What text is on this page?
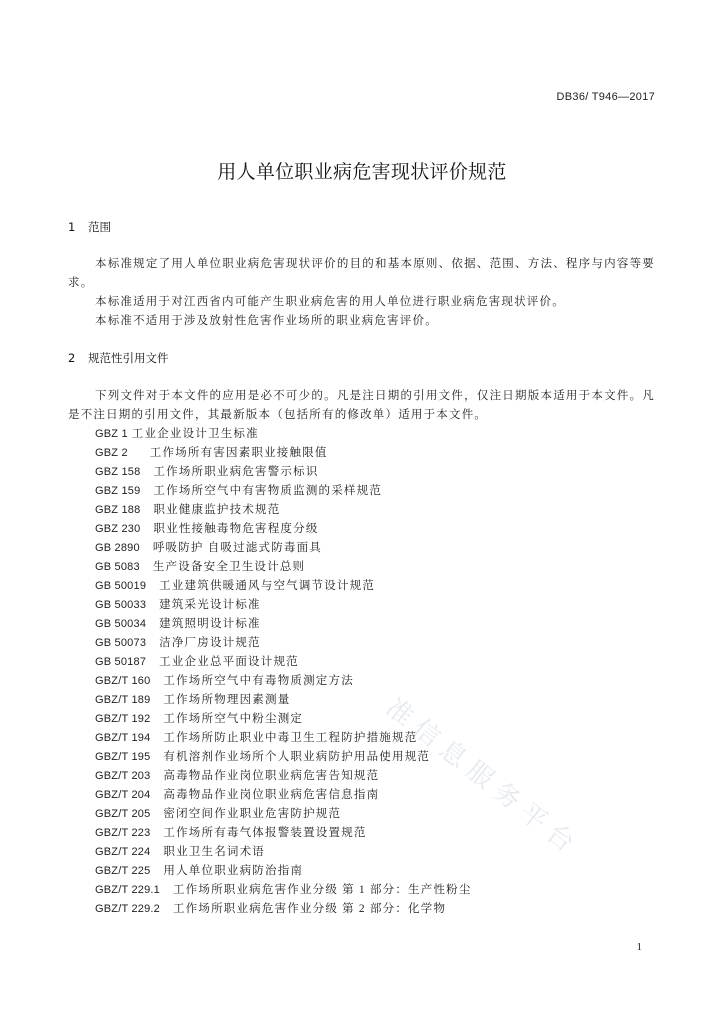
准信息服务平台
DB36/ T946—2017
用人单位职业病危害现状评价规范
1 范围

本标准规定了用人单位职业病危害现状评价的目的和基本原则、依据、范围、方法、程序与内容等要求。

本标准适用于对江西省内可能产生职业病危害的用人单位进行职业病危害现状评价。

本标准不适用于涉及放射性危害作业场所的职业病危害评价。

2 规范性引用文件

下列文件对于本文件的应用是必不可少的。凡是注日期的引用文件，仅注日期版本适用于本文件。凡是不注日期的引用文件，其最新版本（包括所有的修改单）适用于本文件。

GBZ 1 工业企业设计卫生标准
GBZ 2 工作场所有害因素职业接触限值
GBZ 158 工作场所职业病危害警示标识
GBZ 159 工作场所空气中有害物质监测的采样规范
GBZ 188 职业健康监护技术规范
GBZ 230 职业性接触毒物危害程度分级
GB 2890 呼吸防护 自吸过滤式防毒面具
GB 5083 生产设备安全卫生设计总则
GB 50019 工业建筑供暖通风与空气调节设计规范
GB 50033 建筑采光设计标准
GB 50034 建筑照明设计标准
GB 50073 洁净厂房设计规范
GB 50187 工业企业总平面设计规范
GBZ/T 160 工作场所空气中有毒物质测定方法
GBZ/T 189 工作场所物理因素测量
GBZ/T 192 工作场所空气中粉尘测定
GBZ/T 194 工作场所防止职业中毒卫生工程防护措施规范
GBZ/T 195 有机溶剂作业场所个人职业病防护用品使用规范
GBZ/T 203 高毒物品作业岗位职业病危害告知规范
GBZ/T 204 高毒物品作业岗位职业病危害信息指南
GBZ/T 205 密闭空间作业职业危害防护规范
GBZ/T 223 工作场所有毒气体报警装置设置规范
GBZ/T 224 职业卫生名词术语
GBZ/T 225 用人单位职业病防治指南
GBZ/T 229.1 工作场所职业病危害作业分级 第 1 部分：生产性粉尘
GBZ/T 229.2 工作场所职业病危害作业分级 第 2 部分：化学物
1
